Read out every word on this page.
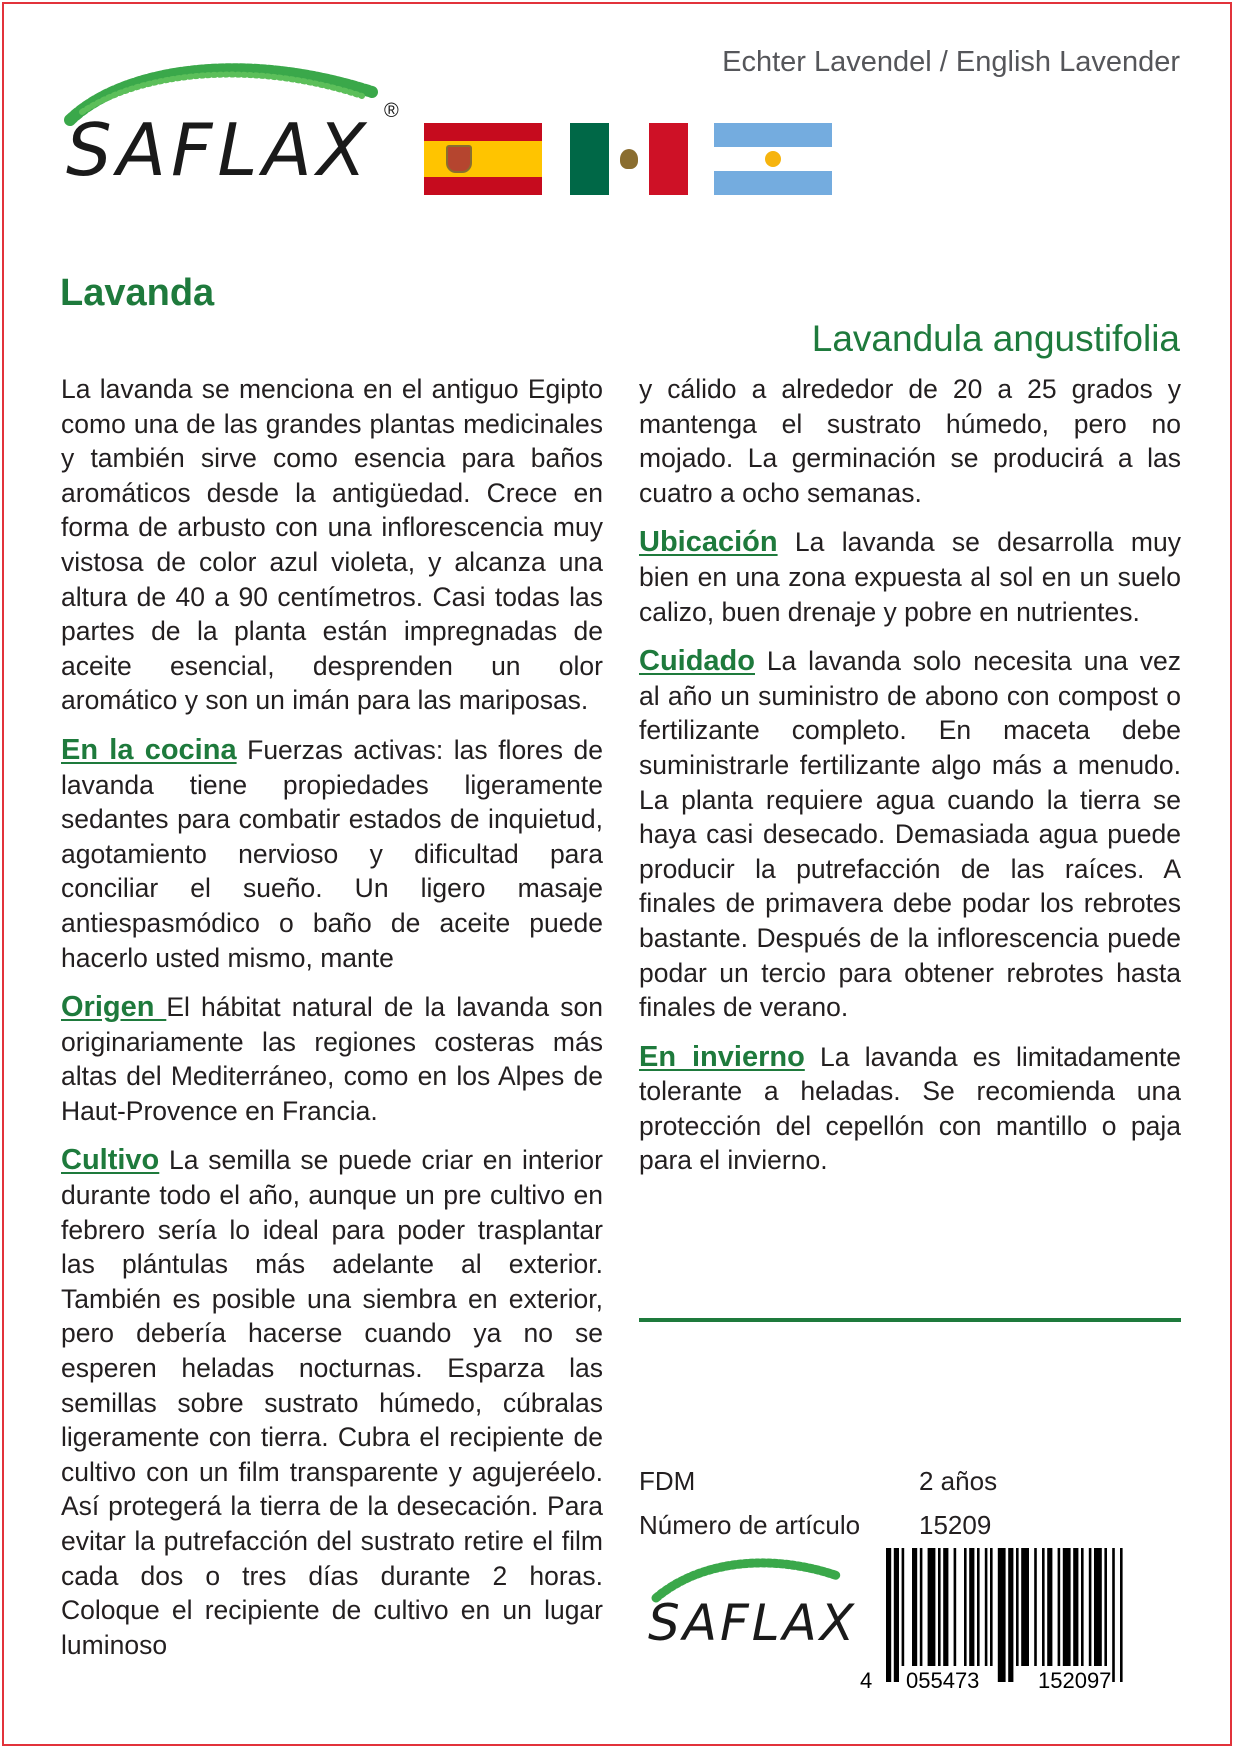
SAFLAX ®
Echter Lavendel / English Lavender
Lavanda
Lavandula angustifolia

La lavanda se menciona en el antiguo Egipto como una de las grandes plantas medicinales y también sirve como esencia para baños aromáticos desde la antigüedad. Crece en forma de arbusto con una inflorescencia muy vistosa de color azul violeta, y alcanza una altura de 40 a 90 centímetros. Casi todas las partes de la planta están impregnadas de aceite esencial, desprenden un olor aromático y son un imán para las mariposas.

En la cocina Fuerzas activas: las flores de lavanda tiene propiedades ligeramente sedantes para combatir estados de inquietud, agotamiento nervioso y dificultad para conciliar el sueño. Un ligero masaje antiespasmódico o baño de aceite puede hacerlo usted mismo, mante

Origen El hábitat natural de la lavanda son originariamente las regiones costeras más altas del Mediterráneo, como en los Alpes de Haut-Provence en Francia.

Cultivo La semilla se puede criar en interior durante todo el año, aunque un pre cultivo en febrero sería lo ideal para poder trasplantar las plántulas más adelante al exterior. También es posible una siembra en exterior, pero debería hacerse cuando ya no se esperen heladas nocturnas. Esparza las semillas sobre sustrato húmedo, cúbralas ligeramente con tierra. Cubra el recipiente de cultivo con un film transparente y agujeréelo. Así protegerá la tierra de la desecación. Para evitar la putrefacción del sustrato retire el film cada dos o tres días durante 2 horas. Coloque el recipiente de cultivo en un lugar luminoso

y cálido a alrededor de 20 a 25 grados y mantenga el sustrato húmedo, pero no mojado. La germinación se producirá a las cuatro a ocho semanas.

Ubicación La lavanda se desarrolla muy bien en una zona expuesta al sol en un suelo calizo, buen drenaje y pobre en nutrientes.

Cuidado La lavanda solo necesita una vez al año un suministro de abono con compost o fertilizante completo. En maceta debe suministrarle fertilizante algo más a menudo. La planta requiere agua cuando la tierra se haya casi desecado. Demasiada agua puede producir la putrefacción de las raíces. A finales de primavera debe podar los rebrotes bastante. Después de la inflorescencia puede podar un tercio para obtener rebrotes hasta finales de verano.

En invierno La lavanda es limitadamente tolerante a heladas. Se recomienda una protección del cepellón con mantillo o paja para el invierno.

FDM	2 años
Número de artículo 15209
SAFLAX
4 055473	152097
